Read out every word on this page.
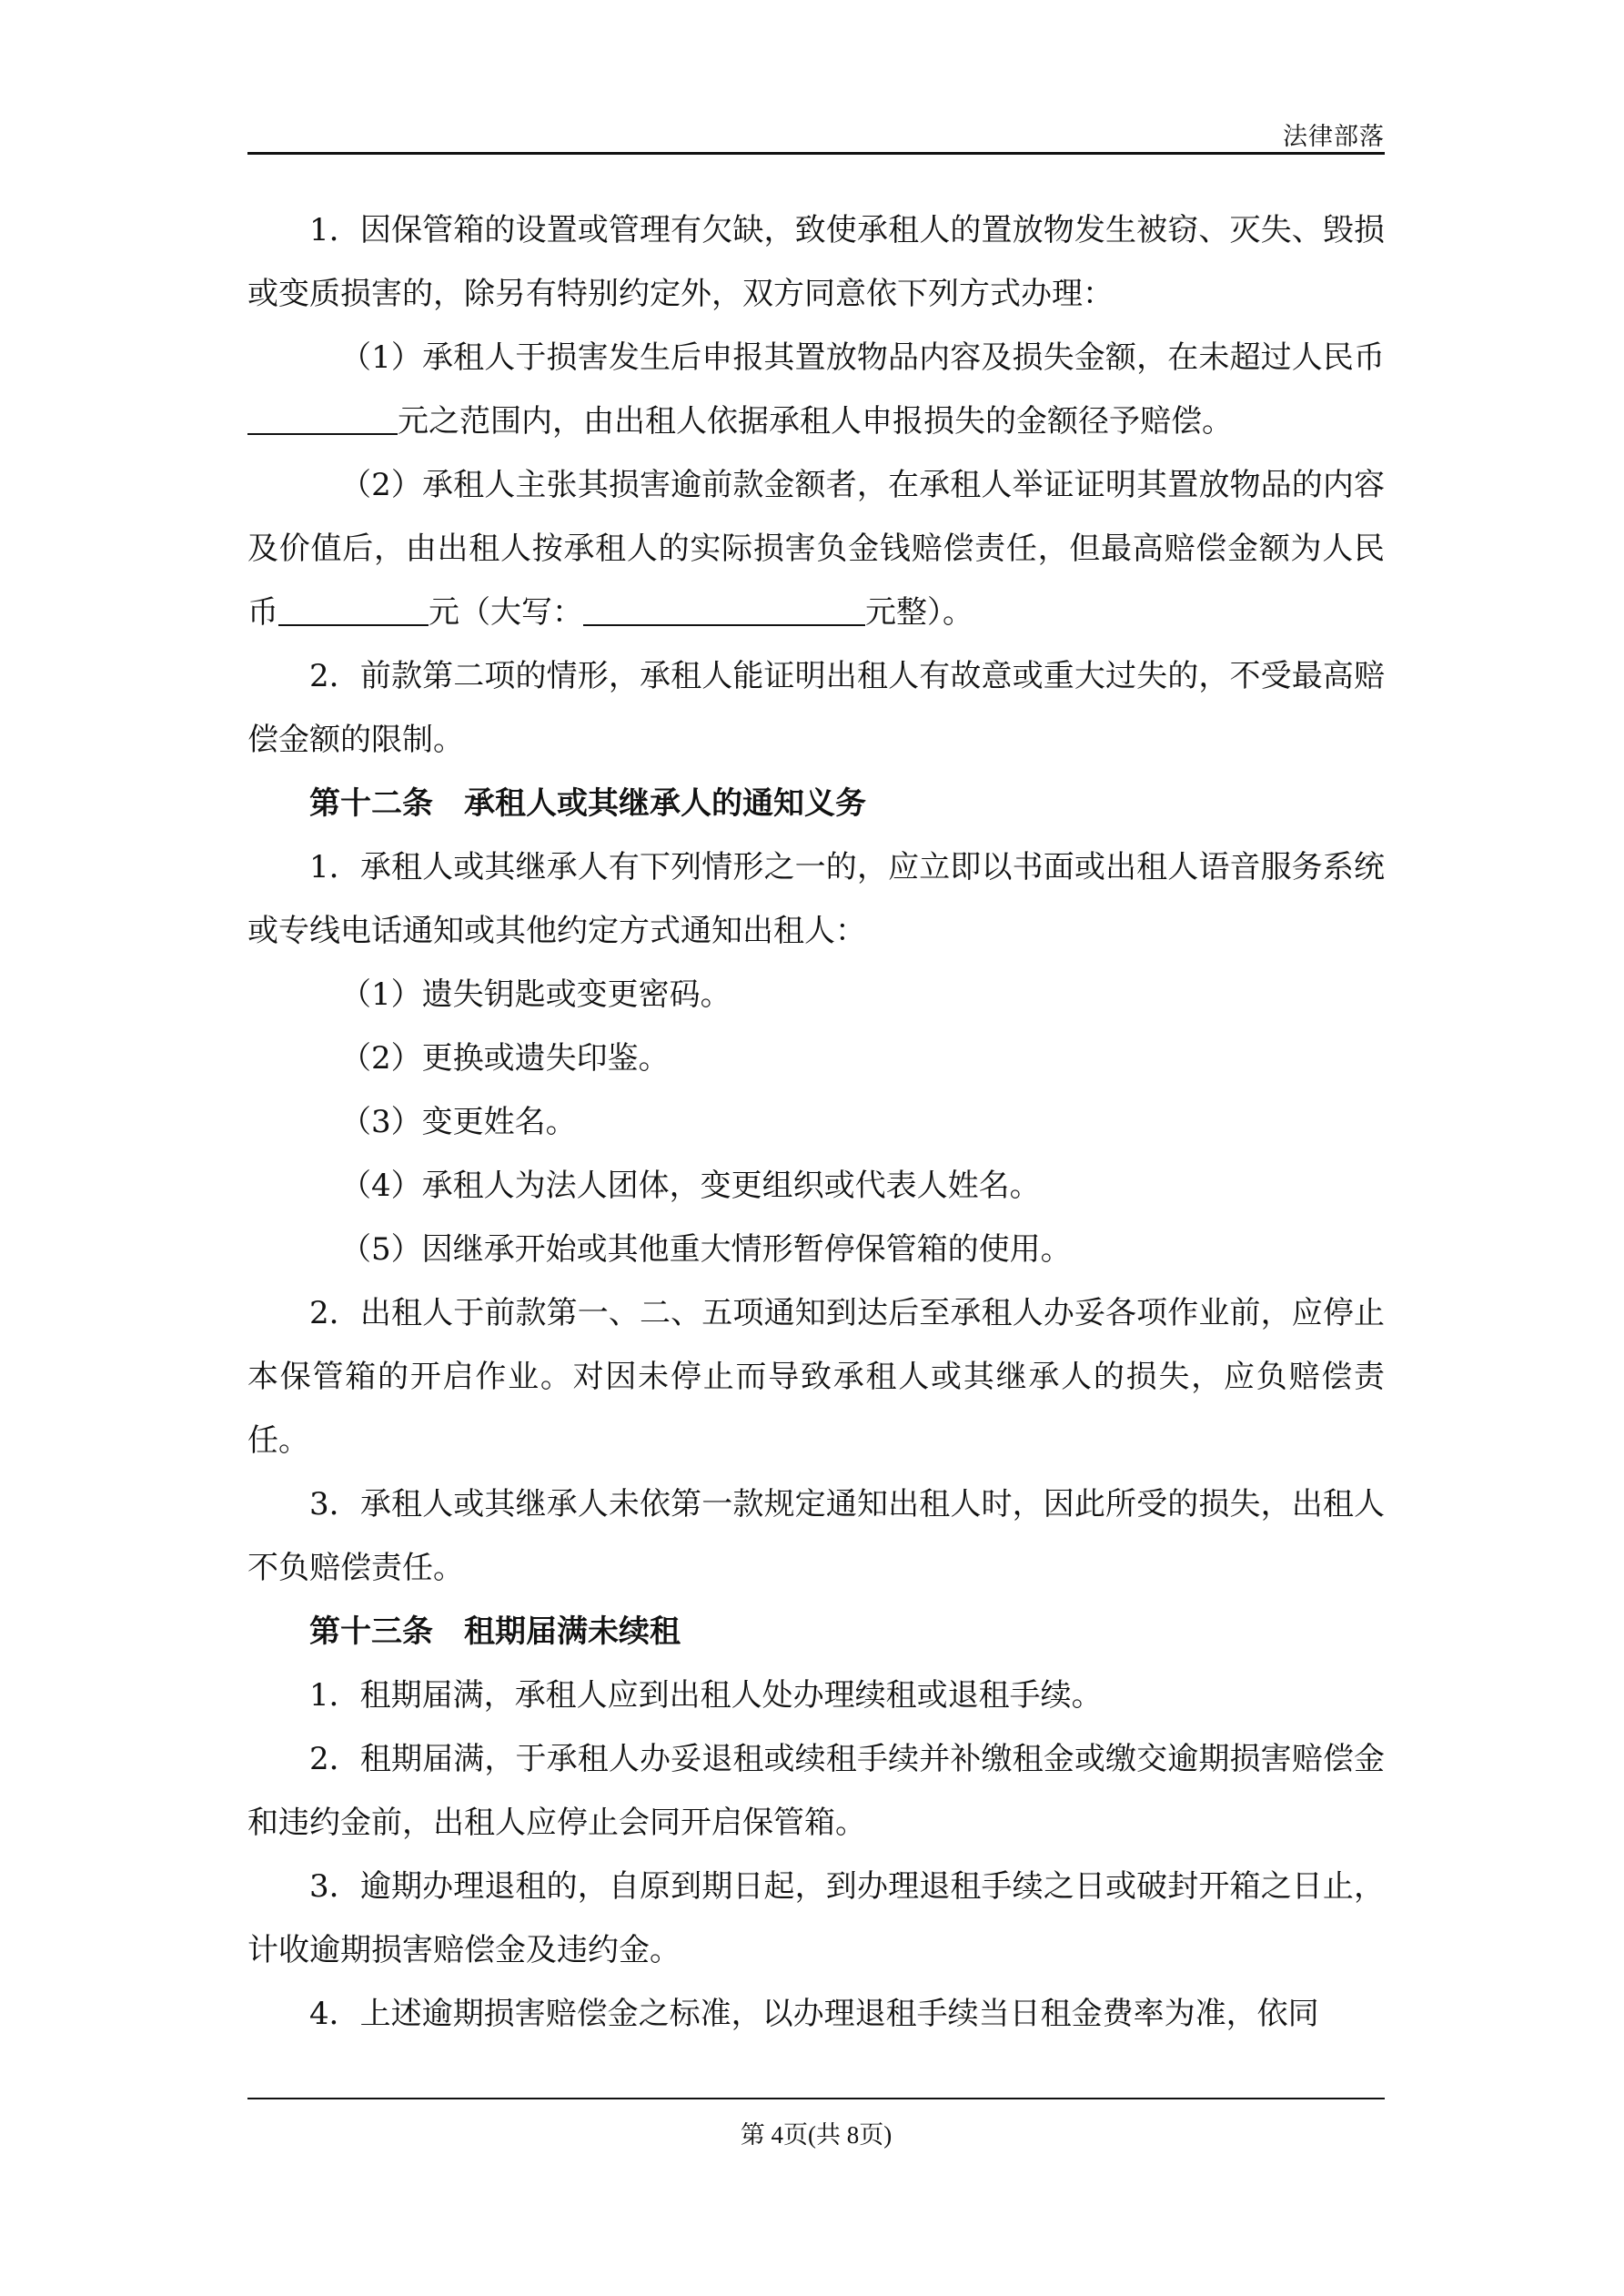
法律部落

1．因保管箱的设置或管理有欠缺，致使承租人的置放物发生被窃、灭失、毁损或变质损害的，除另有特别约定外，双方同意依下列方式办理：

（1）承租人于损害发生后申报其置放物品内容及损失金额，在未超过人民币元之范围内，由出租人依据承租人申报损失的金额径予赔偿。

（2）承租人主张其损害逾前款金额者，在承租人举证证明其置放物品的内容及价值后，由出租人按承租人的实际损害负金钱赔偿责任，但最高赔偿金额为人民币	元（大写：	元整）。

2．前款第二项的情形，承租人能证明出租人有故意或重大过失的，不受最高赔偿金额的限制。

第十二条 承租人或其继承人的通知义务

1．承租人或其继承人有下列情形之一的，应立即以书面或出租人语音服务系统或专线电话通知或其他约定方式通知出租人：

（1）遗失钥匙或变更密码。

（2）更换或遗失印鉴。

（3）变更姓名。

（4）承租人为法人团体，变更组织或代表人姓名。

（5）因继承开始或其他重大情形暂停保管箱的使用。

2．出租人于前款第一、二、五项通知到达后至承租人办妥各项作业前，应停止本保管箱的开启作业。对因未停止而导致承租人或其继承人的损失，应负赔偿责任。

3．承租人或其继承人未依第一款规定通知出租人时，因此所受的损失，出租人不负赔偿责任。

第十三条 租期届满未续租

1．租期届满，承租人应到出租人处办理续租或退租手续。

2．租期届满，于承租人办妥退租或续租手续并补缴租金或缴交逾期损害赔偿金和违约金前，出租人应停止会同开启保管箱。

3．逾期办理退租的，自原到期日起，到办理退租手续之日或破封开箱之日止，计收逾期损害赔偿金及违约金。

4．上述逾期损害赔偿金之标准，以办理退租手续当日租金费率为准，依同

第 4页(共 8页)
